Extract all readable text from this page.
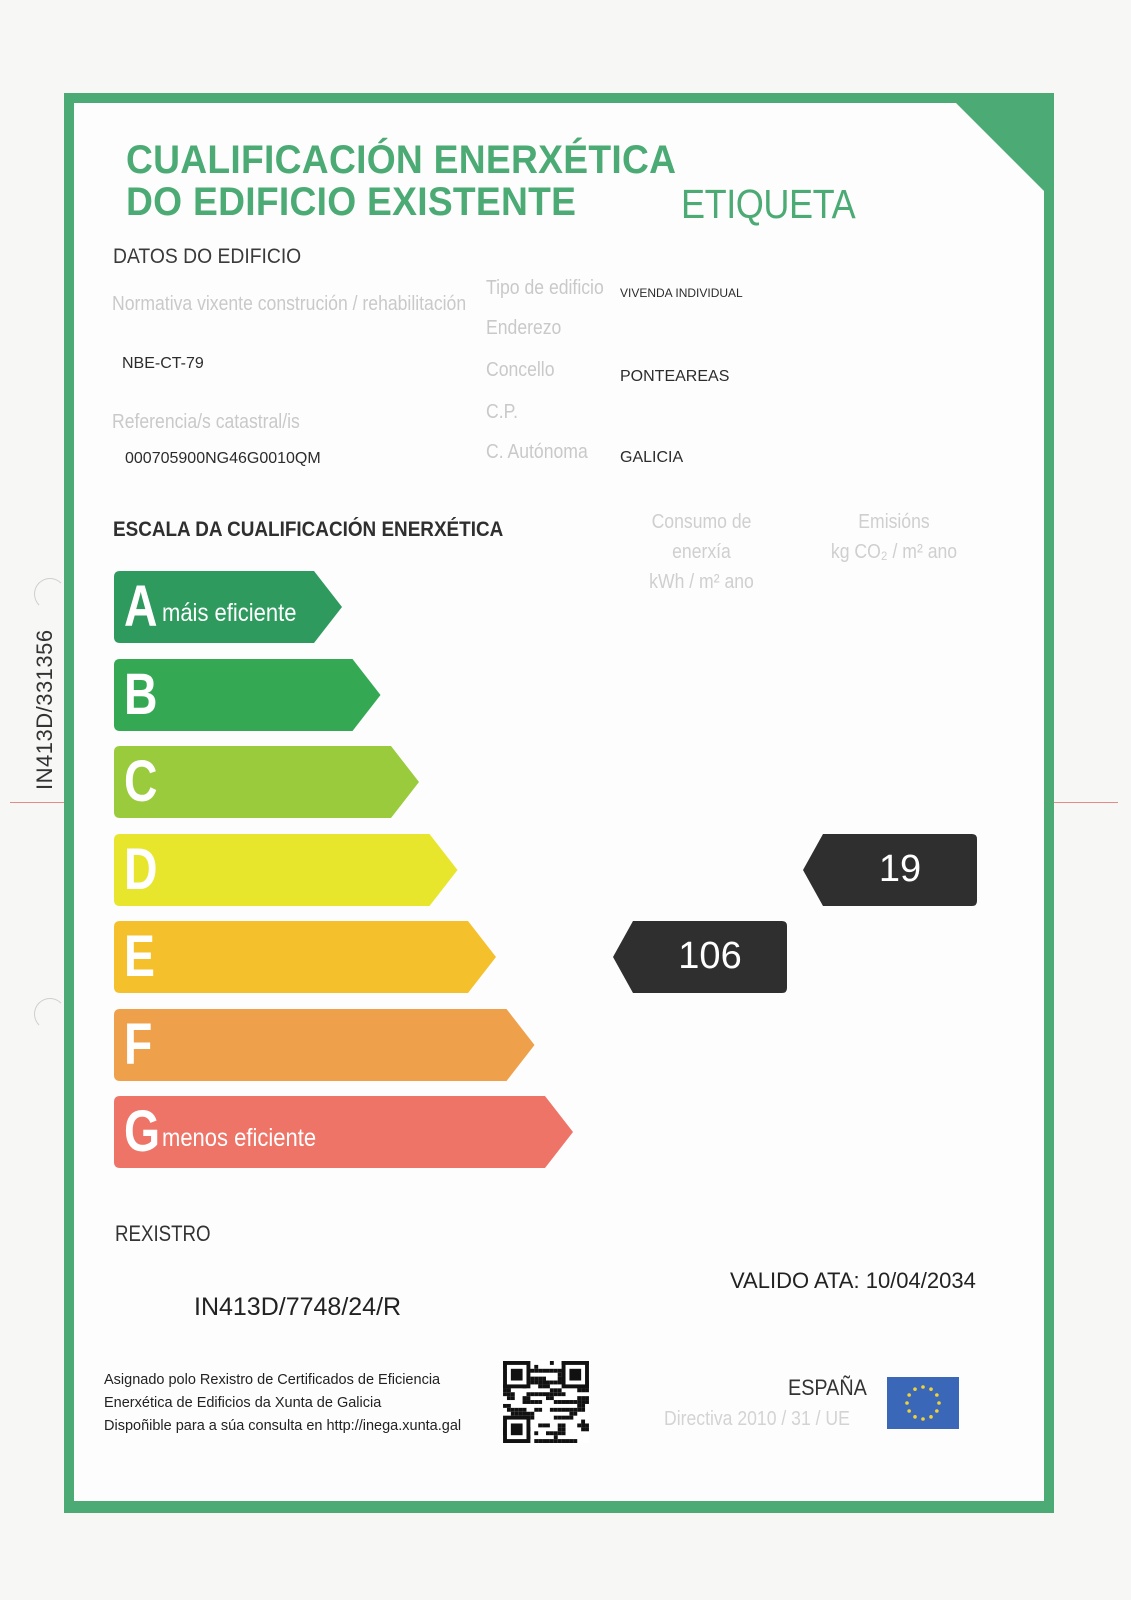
IN413D/331356
CUALIFICACIÓN ENERXÉTICA
DO EDIFICIO EXISTENTE	ETIQUETA
DATOS DO EDIFICIO
Normativa vixente construción / rehabilitación
NBE-CT-79
Referencia/s catastral/is
000705900NG46G0010QM
Tipo de edificio VIVENDA INDIVIDUAL
Enderezo
Concello	PONTEAREAS
C.P.
C. Autónoma GALICIA
ESCALA DA CUALIFICACIÓN ENERXÉTICA	Consumo de enerxía
kWh / m² ano
Emisións
kg CO₂ / m² ano
A máis eficiente
B
C
D
E
F
G menos eficiente
106
19
REXISTRO
IN413D/7748/24/R
VALIDO ATA: 10/04/2034
Asignado polo Rexistro de Certificados de Eficiencia
Enerxética de Edificios da Xunta de Galicia
Dispoñible para a súa consulta en http://inega.xunta.gal
ESPAÑA
Directiva 2010 / 31 / UE
